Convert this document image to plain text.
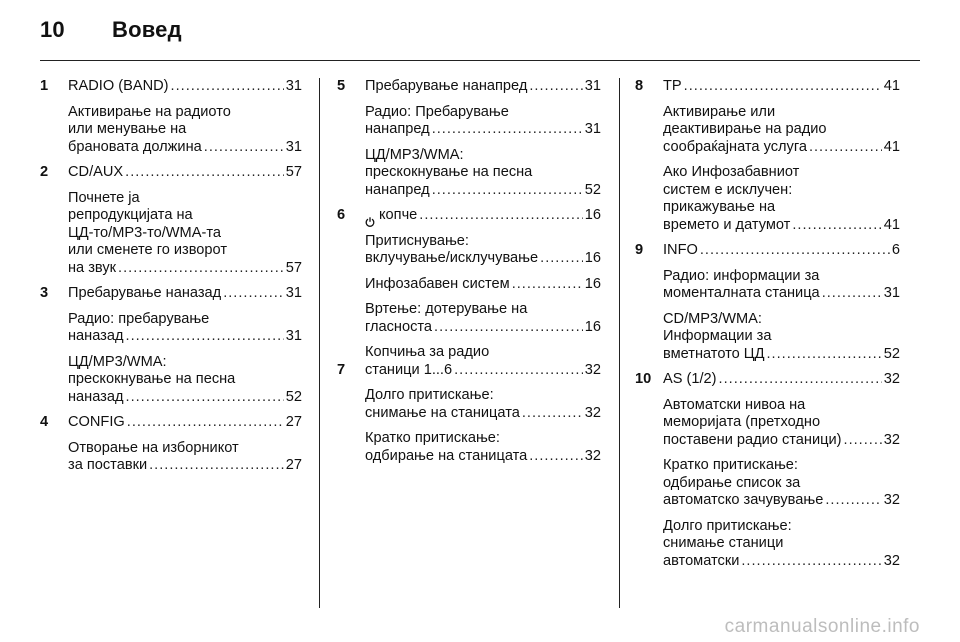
10 Вовед
1	RADIO (BAND) .....	31
Активирање на радиото
или менување на
брановата должина .....	31
2	CD/AUX .....	57
Почнете ја
репродукцијата на
ЦД-то/MP3-то/WMA-та
или сменете го изворот
на звук .....	57
3	Пребарување наназад .....	31
Радио: пребарување
наназад .....	31
ЦД/MP3/WMA:
прескокнување на песна
наназад .....	52
4	CONFIG .....	27
Отворање на изборникот
за поставки .....	27
5	Пребарување нанапред .....	31
Радио: Пребарување
нанапред .....	31
ЦД/MP3/WMA:
прескокнување на песна
нанапред .....	52
6	копче .....	16
Притиснување:
вклучување/исклучување .....	16
Инфозабавен систем .....	16
Вртење: дотерување на
гласноста .....	16
7
Копчиња за радио
станици 1...6 .....	32
Долго притискање:
снимање на станицата .....	32
Кратко притискање:
одбирање на станицата .....	32
8	TP .....	41
Активирање или
деактивирање на радио
сообраќајната услуга .....	41
Ако Инфозабавниот
систем е исклучен:
прикажување на
времето и датумот .....	41
9	INFO .....	6
Радио: информации за
моменталната станица .....	31
CD/MP3/WMA:
Информации за
вметнатото ЦД .....	52
10 AS (1/2) .....	32
Автоматски нивоа на
меморијата (претходно
поставени радио станици) .....	32
Кратко притискање:
одбирање список за
автоматско зачувување .....	32
Долго притискање:
снимање станици
автоматски .....	32
carmanualsonline.info
